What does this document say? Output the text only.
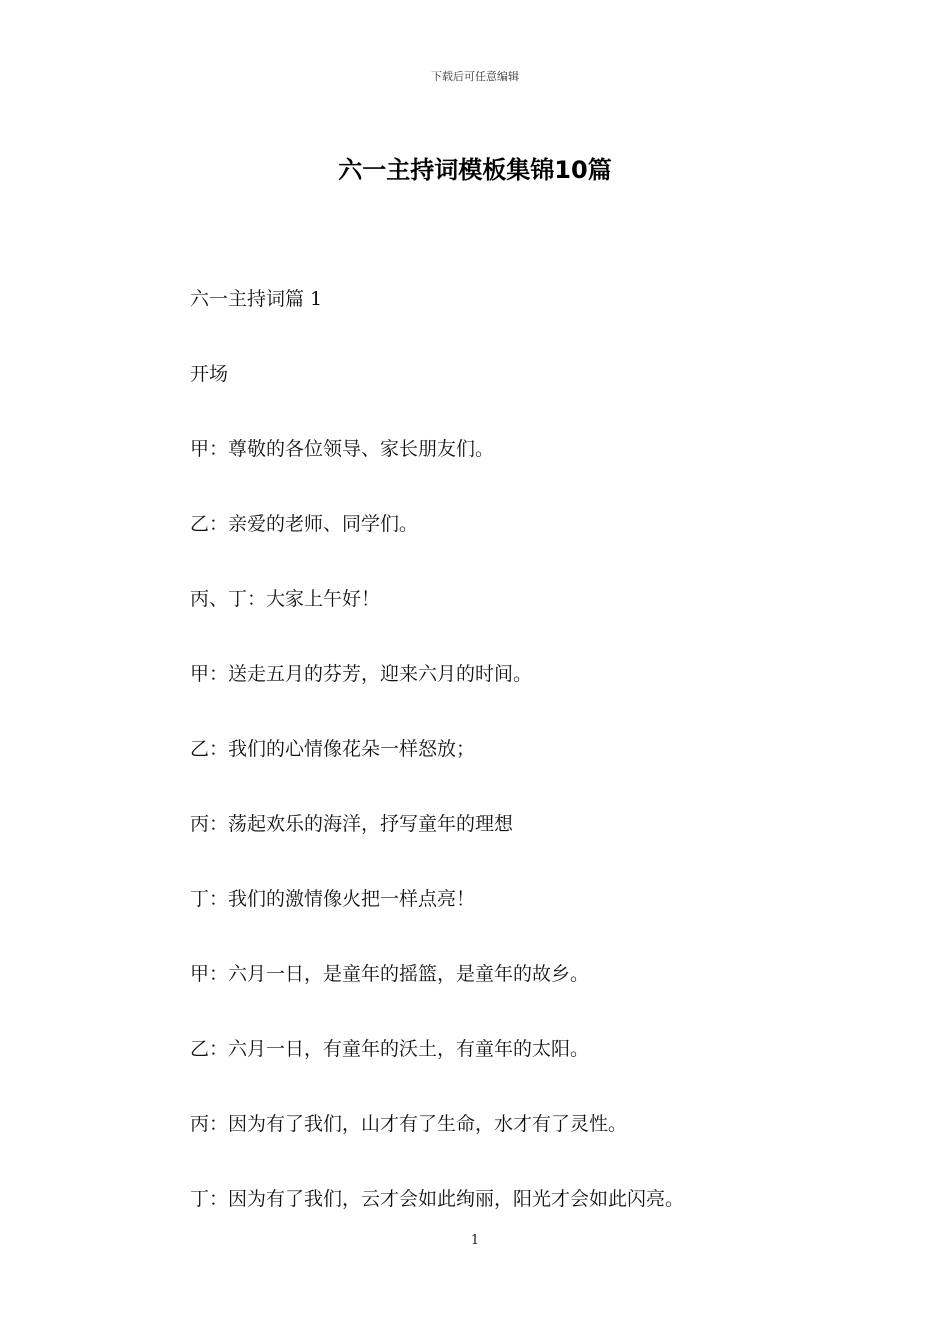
下载后可任意编辑
六一主持词模板集锦10篇
六一主持词篇 1
开场
甲：尊敬的各位领导、家长朋友们。
乙：亲爱的老师、同学们。
丙、丁：大家上午好！
甲：送走五月的芬芳，迎来六月的时间。
乙：我们的心情像花朵一样怒放；
丙：荡起欢乐的海洋，抒写童年的理想
丁：我们的激情像火把一样点亮！
甲：六月一日，是童年的摇篮，是童年的故乡。
乙：六月一日，有童年的沃土，有童年的太阳。
丙：因为有了我们，山才有了生命，水才有了灵性。
丁：因为有了我们，云才会如此绚丽，阳光才会如此闪亮。
1
